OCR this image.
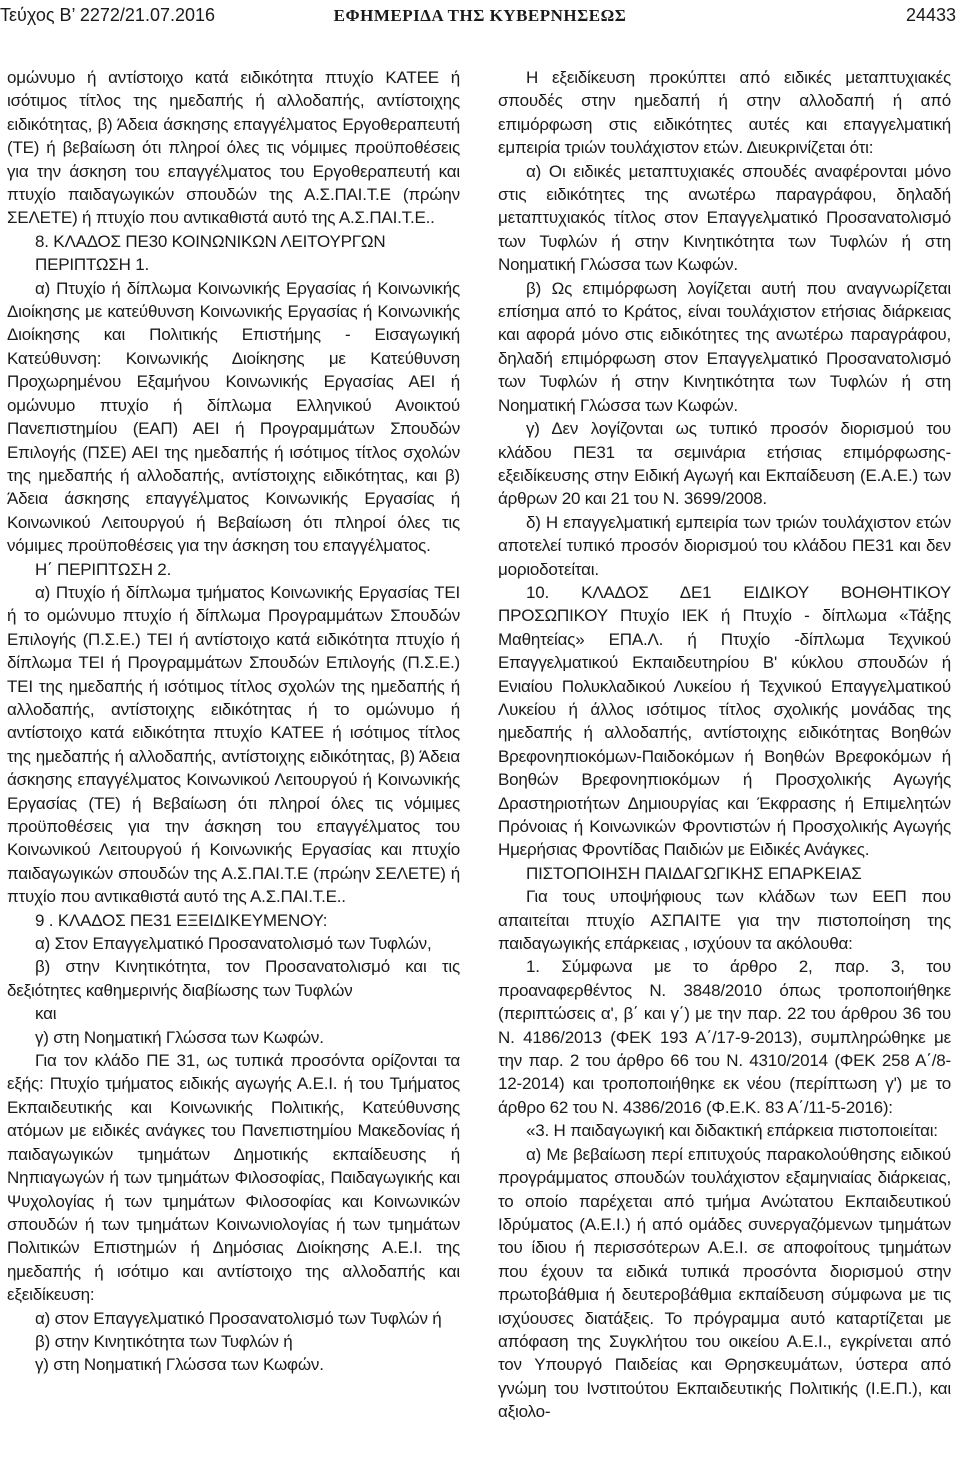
Τεύχος B’ 2272/21.07.2016	ΕΦΗΜΕΡΙΔΑ ΤΗΣ ΚΥΒΕΡΝΗΣΕΩΣ	24433

ομώνυμο ή αντίστοιχο κατά ειδικότητα πτυχίο ΚΑΤΕΕ ή ισότιμος τίτλος της ημεδαπής ή αλλοδαπής, αντίστοιχης ειδικότητας, β) Άδεια άσκησης επαγγέλματος Εργοθεραπευτή (ΤΕ) ή βεβαίωση ότι πληροί όλες τις νόμιμες προϋποθέσεις για την άσκηση του επαγγέλματος του Εργοθεραπευτή και πτυχίο παιδαγωγικών σπουδών της Α.Σ.ΠΑΙ.Τ.Ε (πρώην ΣΕΛΕΤΕ) ή πτυχίο που αντικαθιστά αυτό της Α.Σ.ΠΑΙ.Τ.Ε..

8. ΚΛΑΔΟΣ ΠΕ30 ΚΟΙΝΩΝΙΚΩΝ ΛΕΙΤΟΥΡΓΩΝ

ΠΕΡΙΠΤΩΣΗ 1.

α) Πτυχίο ή δίπλωμα Κοινωνικής Εργασίας ή Κοινωνικής Διοίκησης με κατεύθυνση Κοινωνικής Εργασίας ή Κοινωνικής Διοίκησης και Πολιτικής Επιστήμης - Εισαγωγική Κατεύθυνση: Κοινωνικής Διοίκησης με Κατεύθυνση Προχωρημένου Εξαμήνου Κοινωνικής Εργασίας ΑΕΙ ή ομώνυμο πτυχίο ή δίπλωμα Ελληνικού Ανοικτού Πανεπιστημίου (ΕΑΠ) ΑΕΙ ή Προγραμμάτων Σπουδών Επιλογής (ΠΣΕ) ΑΕΙ της ημεδαπής ή ισότιμος τίτλος σχολών της ημεδαπής ή αλλοδαπής, αντίστοιχης ειδικότητας, και β) Άδεια άσκησης επαγγέλματος Κοινωνικής Εργασίας ή Κοινωνικού Λειτουργού ή Βεβαίωση ότι πληροί όλες τις νόμιμες προϋποθέσεις για την άσκηση του επαγγέλματος.

Η΄ ΠΕΡΙΠΤΩΣΗ 2.

α) Πτυχίο ή δίπλωμα τμήματος Κοινωνικής Εργασίας ΤΕΙ ή το ομώνυμο πτυχίο ή δίπλωμα Προγραμμάτων Σπουδών Επιλογής (Π.Σ.Ε.) ΤΕΙ ή αντίστοιχο κατά ειδικότητα πτυχίο ή δίπλωμα ΤΕΙ ή Προγραμμάτων Σπουδών Επιλογής (Π.Σ.Ε.) ΤΕΙ της ημεδαπής ή ισότιμος τίτλος σχολών της ημεδαπής ή αλλοδαπής, αντίστοιχης ειδικότητας ή το ομώνυμο ή αντίστοιχο κατά ειδικότητα πτυχίο ΚΑΤΕΕ ή ισότιμος τίτλος της ημεδαπής ή αλλοδαπής, αντίστοιχης ειδικότητας, β) Άδεια άσκησης επαγγέλματος Κοινωνικού Λειτουργού ή Κοινωνικής Εργασίας (ΤΕ) ή Βεβαίωση ότι πληροί όλες τις νόμιμες προϋποθέσεις για την άσκηση του επαγγέλματος του Κοινωνικού Λειτουργού ή Κοινωνικής Εργασίας και πτυχίο παιδαγωγικών σπουδών της Α.Σ.ΠΑΙ.Τ.Ε (πρώην ΣΕΛΕΤΕ) ή πτυχίο που αντικαθιστά αυτό της Α.Σ.ΠΑΙ.Τ.Ε..

9 . ΚΛΑΔΟΣ ΠΕ31 ΕΞΕΙΔΙΚΕΥΜΕΝΟΥ:

α) Στον Επαγγελματικό Προσανατολισμό των Τυφλών,

β) στην Κινητικότητα, τον Προσανατολισμό και τις δεξιότητες καθημερινής διαβίωσης των Τυφλών

και

γ) στη Νοηματική Γλώσσα των Κωφών.

Για τον κλάδο ΠΕ 31, ως τυπικά προσόντα ορίζονται τα εξής: Πτυχίο τμήματος ειδικής αγωγής Α.Ε.Ι. ή του Τμήματος Εκπαιδευτικής και Κοινωνικής Πολιτικής, Κατεύθυνσης ατόμων με ειδικές ανάγκες του Πανεπιστημίου Μακεδονίας ή παιδαγωγικών τμημάτων Δημοτικής εκπαίδευσης ή Νηπιαγωγών ή των τμημάτων Φιλοσοφίας, Παιδαγωγικής και Ψυχολογίας ή των τμημάτων Φιλοσοφίας και Κοινωνικών σπουδών ή των τμημάτων Κοινωνιολογίας ή των τμημάτων Πολιτικών Επιστημών ή Δημόσιας Διοίκησης Α.Ε.Ι. της ημεδαπής ή ισότιμο και αντίστοιχο της αλλοδαπής και εξειδίκευση:

α) στον Επαγγελματικό Προσανατολισμό των Τυφλών ή

β) στην Κινητικότητα των Τυφλών ή

γ) στη Νοηματική Γλώσσα των Κωφών.

Η εξειδίκευση προκύπτει από ειδικές μεταπτυχιακές σπουδές στην ημεδαπή ή στην αλλοδαπή ή από επιμόρφωση στις ειδικότητες αυτές και επαγγελματική εμπειρία τριών τουλάχιστον ετών. Διευκρινίζεται ότι:

α) Οι ειδικές μεταπτυχιακές σπουδές αναφέρονται μόνο στις ειδικότητες της ανωτέρω παραγράφου, δηλαδή μεταπτυχιακός τίτλος στον Επαγγελματικό Προσανατολισμό των Τυφλών ή στην Κινητικότητα των Τυφλών ή στη Νοηματική Γλώσσα των Κωφών.

β) Ως επιμόρφωση λογίζεται αυτή που αναγνωρίζεται επίσημα από το Κράτος, είναι τουλάχιστον ετήσιας διάρκειας και αφορά μόνο στις ειδικότητες της ανωτέρω παραγράφου, δηλαδή επιμόρφωση στον Επαγγελματικό Προσανατολισμό των Τυφλών ή στην Κινητικότητα των Τυφλών ή στη Νοηματική Γλώσσα των Κωφών.

γ) Δεν λογίζονται ως τυπικό προσόν διορισμού του κλάδου ΠΕ31 τα σεμινάρια ετήσιας επιμόρφωσης-εξειδίκευσης στην Ειδική Αγωγή και Εκπαίδευση (Ε.Α.Ε.) των άρθρων 20 και 21 του Ν. 3699/2008.

δ) Η επαγγελματική εμπειρία των τριών τουλάχιστον ετών αποτελεί τυπικό προσόν διορισμού του κλάδου ΠΕ31 και δεν μοριοδοτείται.

10. ΚΛΑΔΟΣ ΔΕ1 ΕΙΔΙΚΟΥ ΒΟΗΘΗΤΙΚΟΥ ΠΡΟΣΩΠΙΚΟΥ Πτυχίο ΙΕΚ ή Πτυχίο - δίπλωμα «Τάξης Μαθητείας» ΕΠΑ.Λ. ή Πτυχίο -δίπλωμα Τεχνικού Επαγγελματικού Εκπαιδευτηρίου Β' κύκλου σπουδών ή Ενιαίου Πολυκλαδικού Λυκείου ή Τεχνικού Επαγγελματικού Λυκείου ή άλλος ισότιμος τίτλος σχολικής μονάδας της ημεδαπής ή αλλοδαπής, αντίστοιχης ειδικότητας Βοηθών Βρεφονηπιοκόμων-Παιδοκόμων ή Βοηθών Βρεφοκόμων ή Βοηθών Βρεφονηπιοκόμων ή Προσχολικής Αγωγής Δραστηριοτήτων Δημιουργίας και Έκφρασης ή Επιμελητών Πρόνοιας ή Κοινωνικών Φροντιστών ή Προσχολικής Αγωγής Ημερήσιας Φροντίδας Παιδιών με Ειδικές Ανάγκες.

ΠΙΣΤΟΠΟΙΗΣΗ ΠΑΙΔΑΓΩΓΙΚΗΣ ΕΠΑΡΚΕΙΑΣ

Για τους υποψήφιους των κλάδων των ΕΕΠ που απαιτείται πτυχίο ΑΣΠΑΙΤΕ για την πιστοποίηση της παιδαγωγικής επάρκειας , ισχύουν τα ακόλουθα:

1. Σύμφωνα με το άρθρο 2, παρ. 3, του προαναφερθέντος Ν. 3848/2010 όπως τροποποιήθηκε (περιπτώσεις α', β΄ και γ΄) με την παρ. 22 του άρθρου 36 του Ν. 4186/2013 (ΦΕΚ 193 Α΄/17-9-2013), συμπληρώθηκε με την παρ. 2 του άρθρο 66 του Ν. 4310/2014 (ΦΕΚ 258 Α΄/8-12-2014) και τροποποιήθηκε εκ νέου (περίπτωση γ') με το άρθρο 62 του Ν. 4386/2016 (Φ.Ε.Κ. 83 Α΄/11-5-2016):

«3. Η παιδαγωγική και διδακτική επάρκεια πιστοποιείται:

α) Με βεβαίωση περί επιτυχούς παρακολούθησης ειδικού προγράμματος σπουδών τουλάχιστον εξαμηνιαίας διάρκειας, το οποίο παρέχεται από τμήμα Ανώτατου Εκπαιδευτικού Ιδρύματος (Α.Ε.Ι.) ή από ομάδες συνεργαζόμενων τμημάτων του ίδιου ή περισσότερων Α.Ε.Ι. σε αποφοίτους τμημάτων που έχουν τα ειδικά τυπικά προσόντα διορισμού στην πρωτοβάθμια ή δευτεροβάθμια εκπαίδευση σύμφωνα με τις ισχύουσες διατάξεις. Το πρόγραμμα αυτό καταρτίζεται με απόφαση της Συγκλήτου του οικείου Α.Ε.Ι., εγκρίνεται από τον Υπουργό Παιδείας και Θρησκευμάτων, ύστερα από γνώμη του Ινστιτούτου Εκπαιδευτικής Πολιτικής (Ι.Ε.Π.), και αξιολο-
